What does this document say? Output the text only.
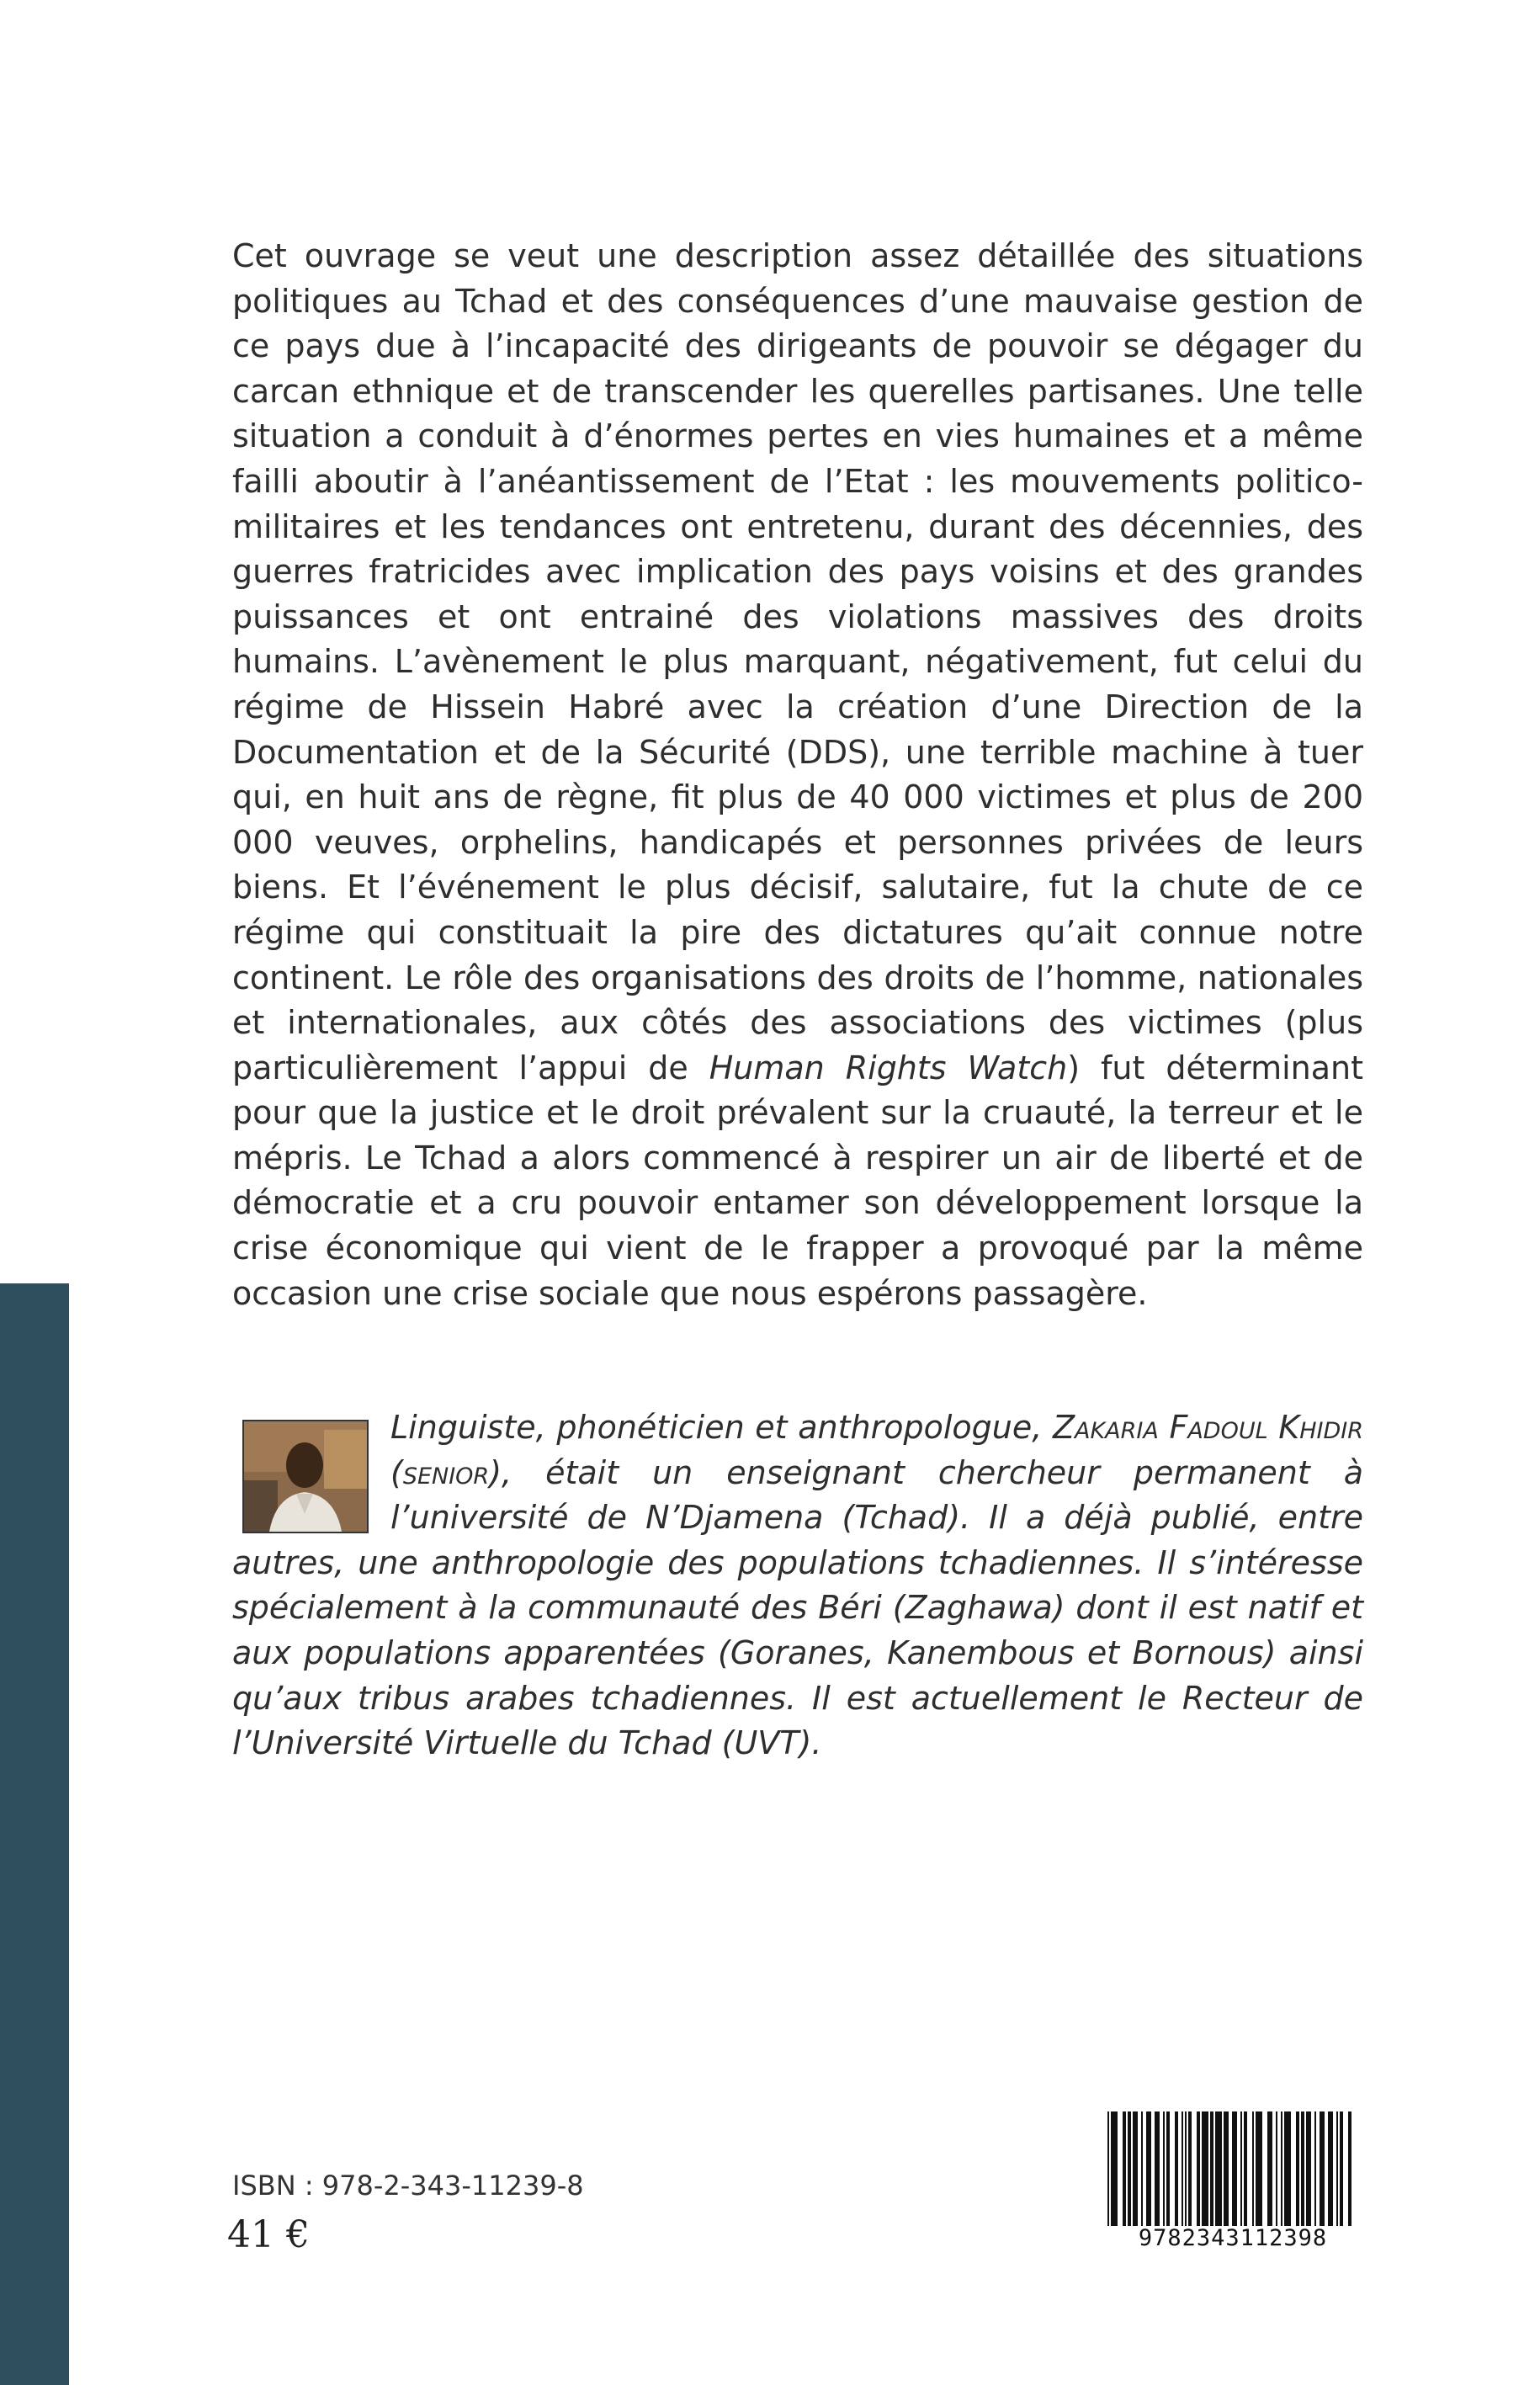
Cet ouvrage se veut une description assez détaillée des situations politiques au Tchad et des conséquences d’une mauvaise gestion de ce pays due à l’incapacité des dirigeants de pouvoir se dégager du carcan ethnique et de transcender les querelles partisanes. Une telle situation a conduit à d’énormes pertes en vies humaines et a même failli aboutir à l’anéantissement de l’Etat : les mouvements politico-militaires et les tendances ont entretenu, durant des décennies, des guerres fratricides avec implication des pays voisins et des grandes puissances et ont entrainé des violations massives des droits humains. L’avènement le plus marquant, négativement, fut celui du régime de Hissein Habré avec la création d’une Direction de la Documentation et de la Sécurité (DDS), une terrible machine à tuer qui, en huit ans de règne, fit plus de 40 000 victimes et plus de 200 000 veuves, orphelins, handicapés et personnes privées de leurs biens. Et l’événement le plus décisif, salutaire, fut la chute de ce régime qui constituait la pire des dictatures qu’ait connue notre continent. Le rôle des organisations des droits de l’homme, nationales et internationales, aux côtés des associations des victimes (plus particulièrement l’appui de Human Rights Watch) fut déterminant pour que la justice et le droit prévalent sur la cruauté, la terreur et le mépris. Le Tchad a alors commencé à respirer un air de liberté et de démocratie et a cru pouvoir entamer son développement lorsque la crise économique qui vient de le frapper a provoqué par la même occasion une crise sociale que nous espérons passagère.

Linguiste, phonéticien et anthropologue, Zakaria Fadoul Khidir (senior), était un enseignant chercheur permanent à l’université de N’Djamena (Tchad). Il a déjà publié, entre autres, une anthropologie des populations tchadiennes. Il s’intéresse spécialement à la communauté des Béri (Zaghawa) dont il est natif et aux populations apparentées (Goranes, Kanembous et Bornous) ainsi qu’aux tribus arabes tchadiennes. Il est actuellement le Recteur de l’Université Virtuelle du Tchad (UVT).

ISBN : 978-2-343-11239-8
41 €	9782343112398
